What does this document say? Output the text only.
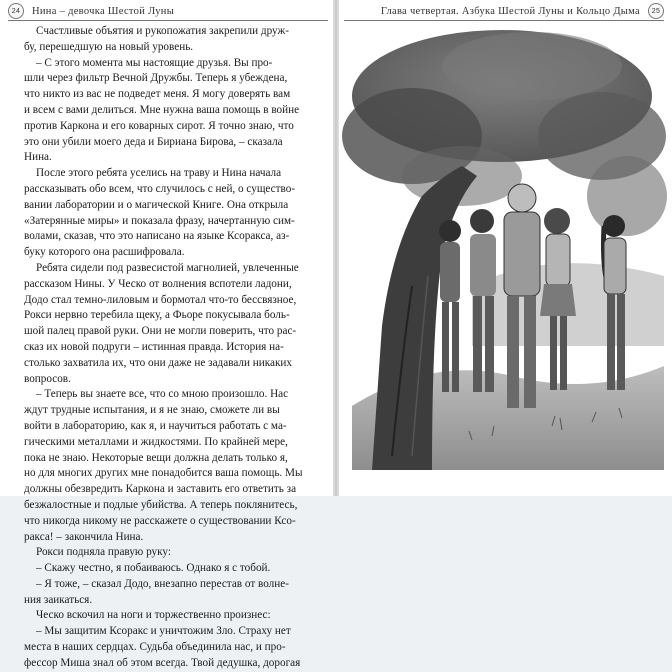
24	Нина – девочка Шестой Луны
Счастливые объятия и рукопожатия закрепили друж-
бу, перешедшую на новый уровень.
– С этого момента мы настоящие друзья. Вы про-
шли через фильтр Вечной Дружбы. Теперь я убеждена,
что никто из вас не подведет меня. Я могу доверять вам
и всем с вами делиться. Мне нужна ваша помощь в войне
против Каркона и его коварных сирот. Я точно знаю, что
это они убили моего деда и Бириана Бирова, – сказала
Нина.
После этого ребята уселись на траву и Нина начала
рассказывать обо всем, что случилось с ней, о существо-
вании лаборатории и о магической Книге. Она открыла
«Затерянные миры» и показала фразу, начертанную сим-
волами, сказав, что это написано на языке Ксоракса, аз-
буку которого она расшифровала.
Ребята сидели под развесистой магнолией, увлеченные
рассказом Нины. У Ческо от волнения вспотели ладони,
Додо стал темно-лиловым и бормотал что-то бессвязное,
Рокси нервно теребила щеку, а Фьоре покусывала боль-
шой палец правой руки. Они не могли поверить, что рас-
сказ их новой подруги – истинная правда. История на-
столько захватила их, что они даже не задавали никаких
вопросов.
– Теперь вы знаете все, что со мною произошло. Нас
ждут трудные испытания, и я не знаю, сможете ли вы
войти в лабораторию, как я, и научиться работать с ма-
гическими металлами и жидкостями. По крайней мере,
пока не знаю. Некоторые вещи должна делать только я,
но для многих других мне понадобится ваша помощь. Мы
должны обезвредить Каркона и заставить его ответить за
безжалостные и подлые убийства. А теперь поклянитесь,
что никогда никому не расскажете о существовании Ксо-
ракса! – закончила Нина.
Рокси подняла правую руку:
– Скажу честно, я побаиваюсь. Однако я с тобой.
– Я тоже, – сказал Додо, внезапно перестав от волне-
ния заикаться.
Ческо вскочил на ноги и торжественно произнес:
– Мы защитим Ксоракс и уничтожим Зло. Страху нет
места в наших сердцах. Судьба объединила нас, и про-
фессор Миша знал об этом всегда. Твой дедушка, дорогая
Глава четвертая. Азбука Шестой Луны и Кольцо Дыма	25
